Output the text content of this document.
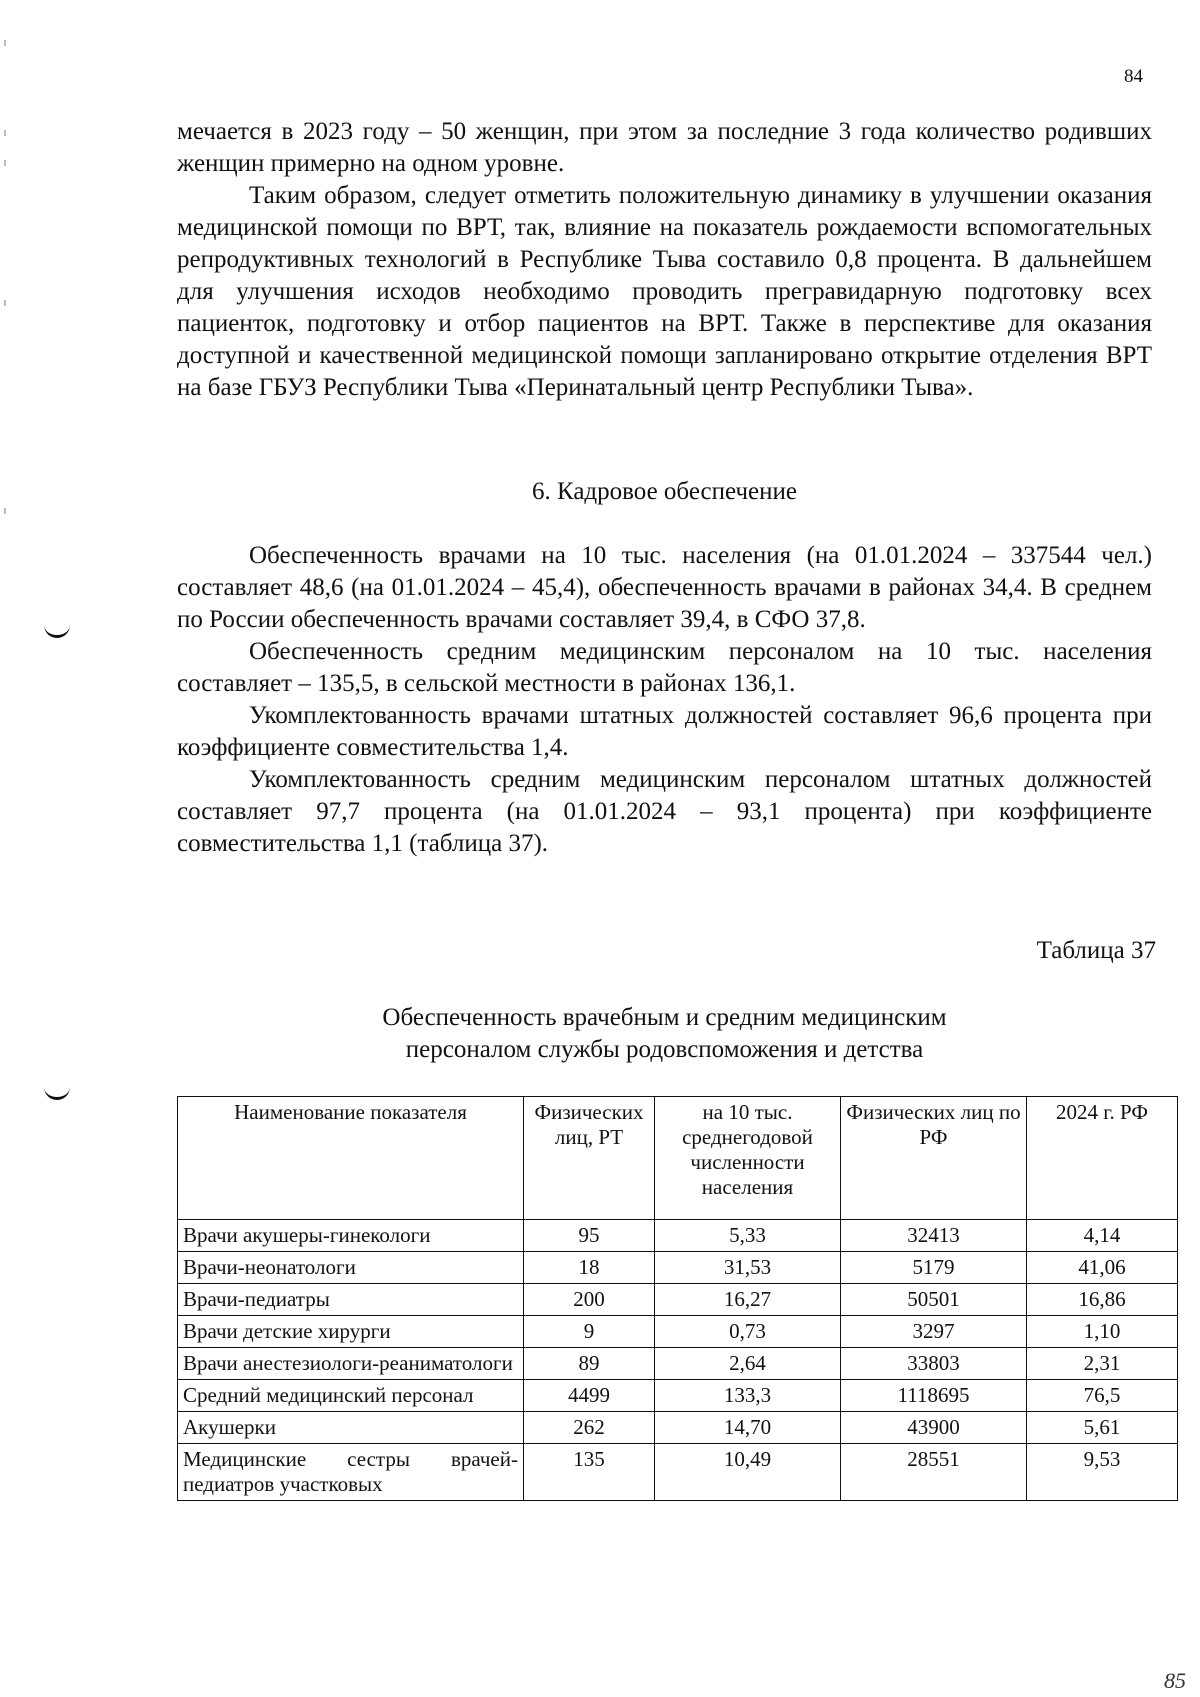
84

мечается в 2023 году – 50 женщин, при этом за последние 3 года количество родивших женщин примерно на одном уровне.

Таким образом, следует отметить положительную динамику в улучшении оказания медицинской помощи по ВРТ, так, влияние на показатель рождаемости вспомогательных репродуктивных технологий в Республике Тыва составило 0,8 процента. В дальнейшем для улучшения исходов необходимо проводить прегравидарную подготовку всех пациенток, подготовку и отбор пациентов на ВРТ. Также в перспективе для оказания доступной и качественной медицинской помощи запланировано открытие отделения ВРТ на базе ГБУЗ Республики Тыва «Перинатальный центр Республики Тыва».

6. Кадровое обеспечение

Обеспеченность врачами на 10 тыс. населения (на 01.01.2024 – 337544 чел.) составляет 48,6 (на 01.01.2024 – 45,4), обеспеченность врачами в районах 34,4. В среднем по России обеспеченность врачами составляет 39,4, в СФО 37,8.

Обеспеченность средним медицинским персоналом на 10 тыс. населения составляет – 135,5, в сельской местности в районах 136,1.

Укомплектованность врачами штатных должностей составляет 96,6 процента при коэффициенте совместительства 1,4.

Укомплектованность средним медицинским персоналом штатных должностей составляет 97,7 процента (на 01.01.2024 – 93,1 процента) при коэффициенте совместительства 1,1 (таблица 37).

Таблица 37

Обеспеченность врачебным и средним медицинским
персоналом службы родовспоможения и детства
Наименование показателя	Физических лиц, РТ	на 10 тыс. среднегодовой численности населения	Физических лиц по РФ	2024 г. РФ
Врачи акушеры-гинекологи	95	5,33	32413	4,14
Врачи-неонатологи	18	31,53	5179	41,06
Врачи-педиатры	200	16,27	50501	16,86
Врачи детские хирурги	9	0,73	3297	1,10
Врачи анестезиологи-реаниматологи	89	2,64	33803	2,31
Средний медицинский персонал	4499	133,3	1118695	76,5
Акушерки	262	14,70	43900	5,61
Медицинские сестры врачей-педиатров участковых	135	10,49	28551	9,53

85
